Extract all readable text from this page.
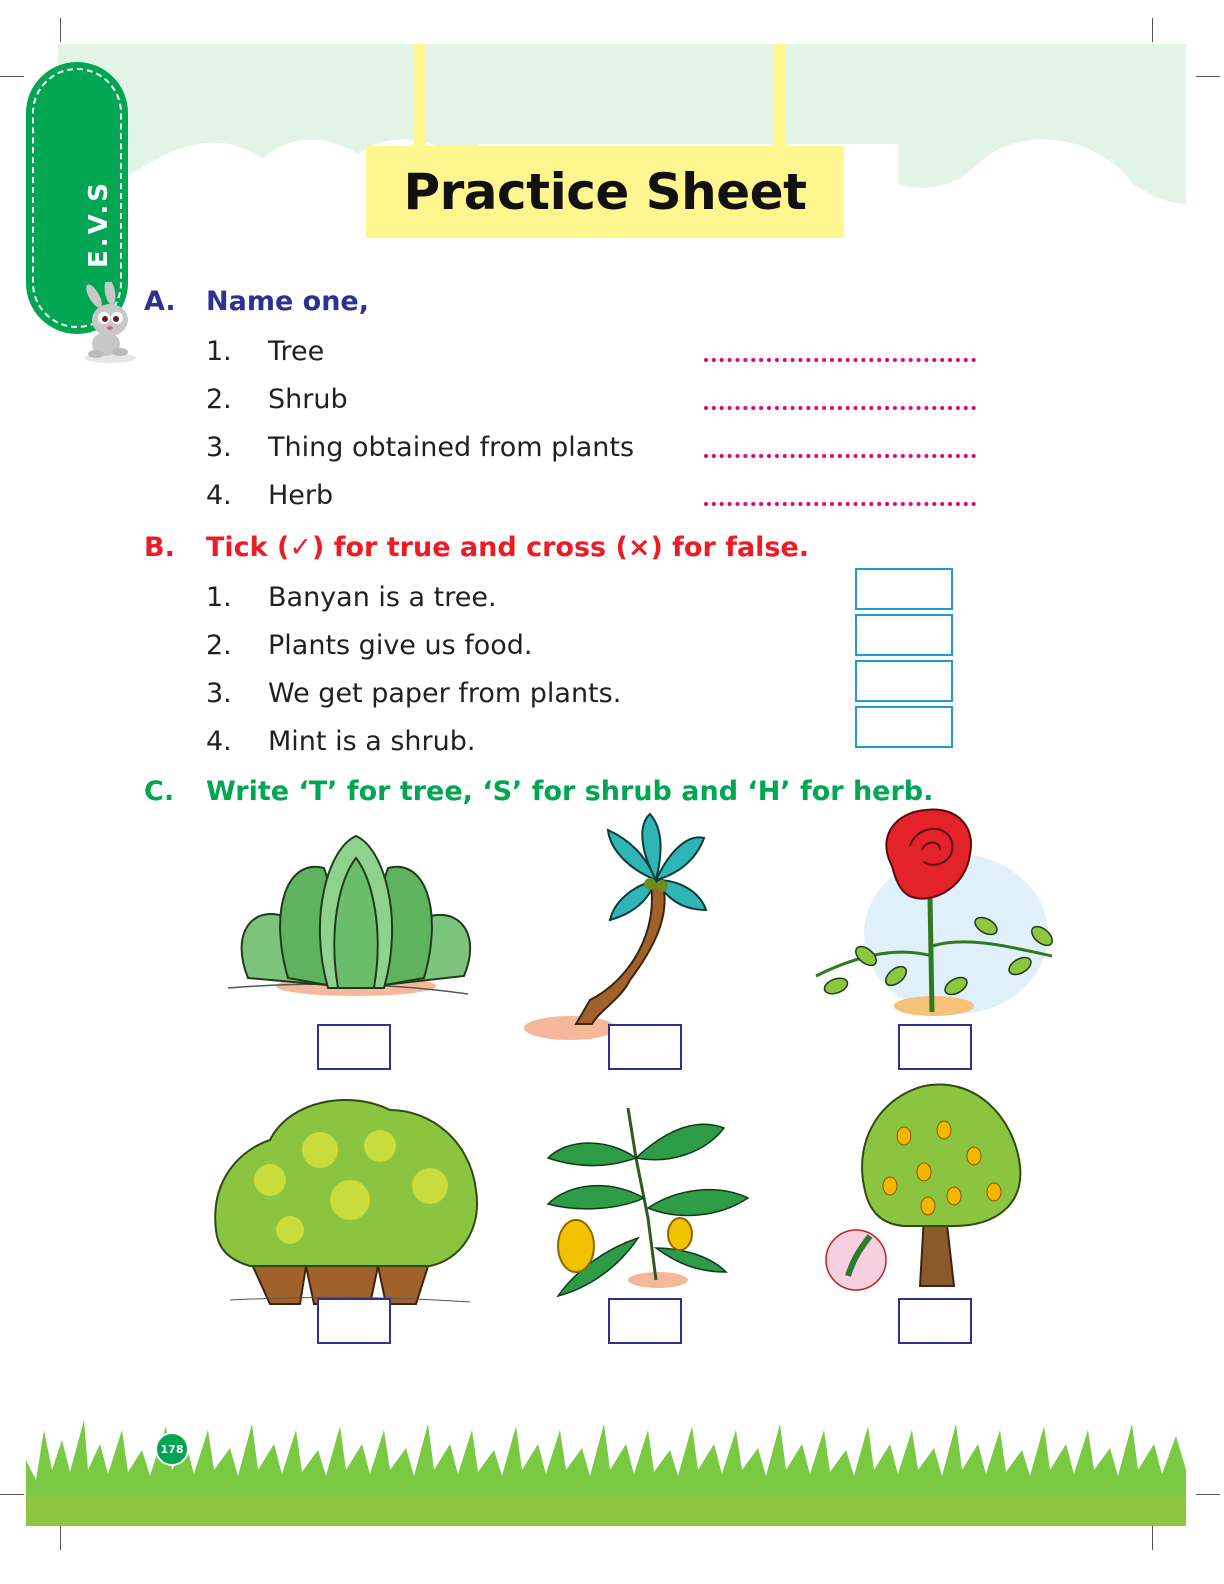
Practice Sheet
E.V.S
A. Name one,
1. Tree
2. Shrub
3. Thing obtained from plants
4. Herb
B. Tick (✓) for true and cross (×) for false.
1. Banyan is a tree.
2. Plants give us food.
3. We get paper from plants.
4. Mint is a shrub.
C. Write ‘T’ for tree, ‘S’ for shrub and ‘H’ for herb.
178
